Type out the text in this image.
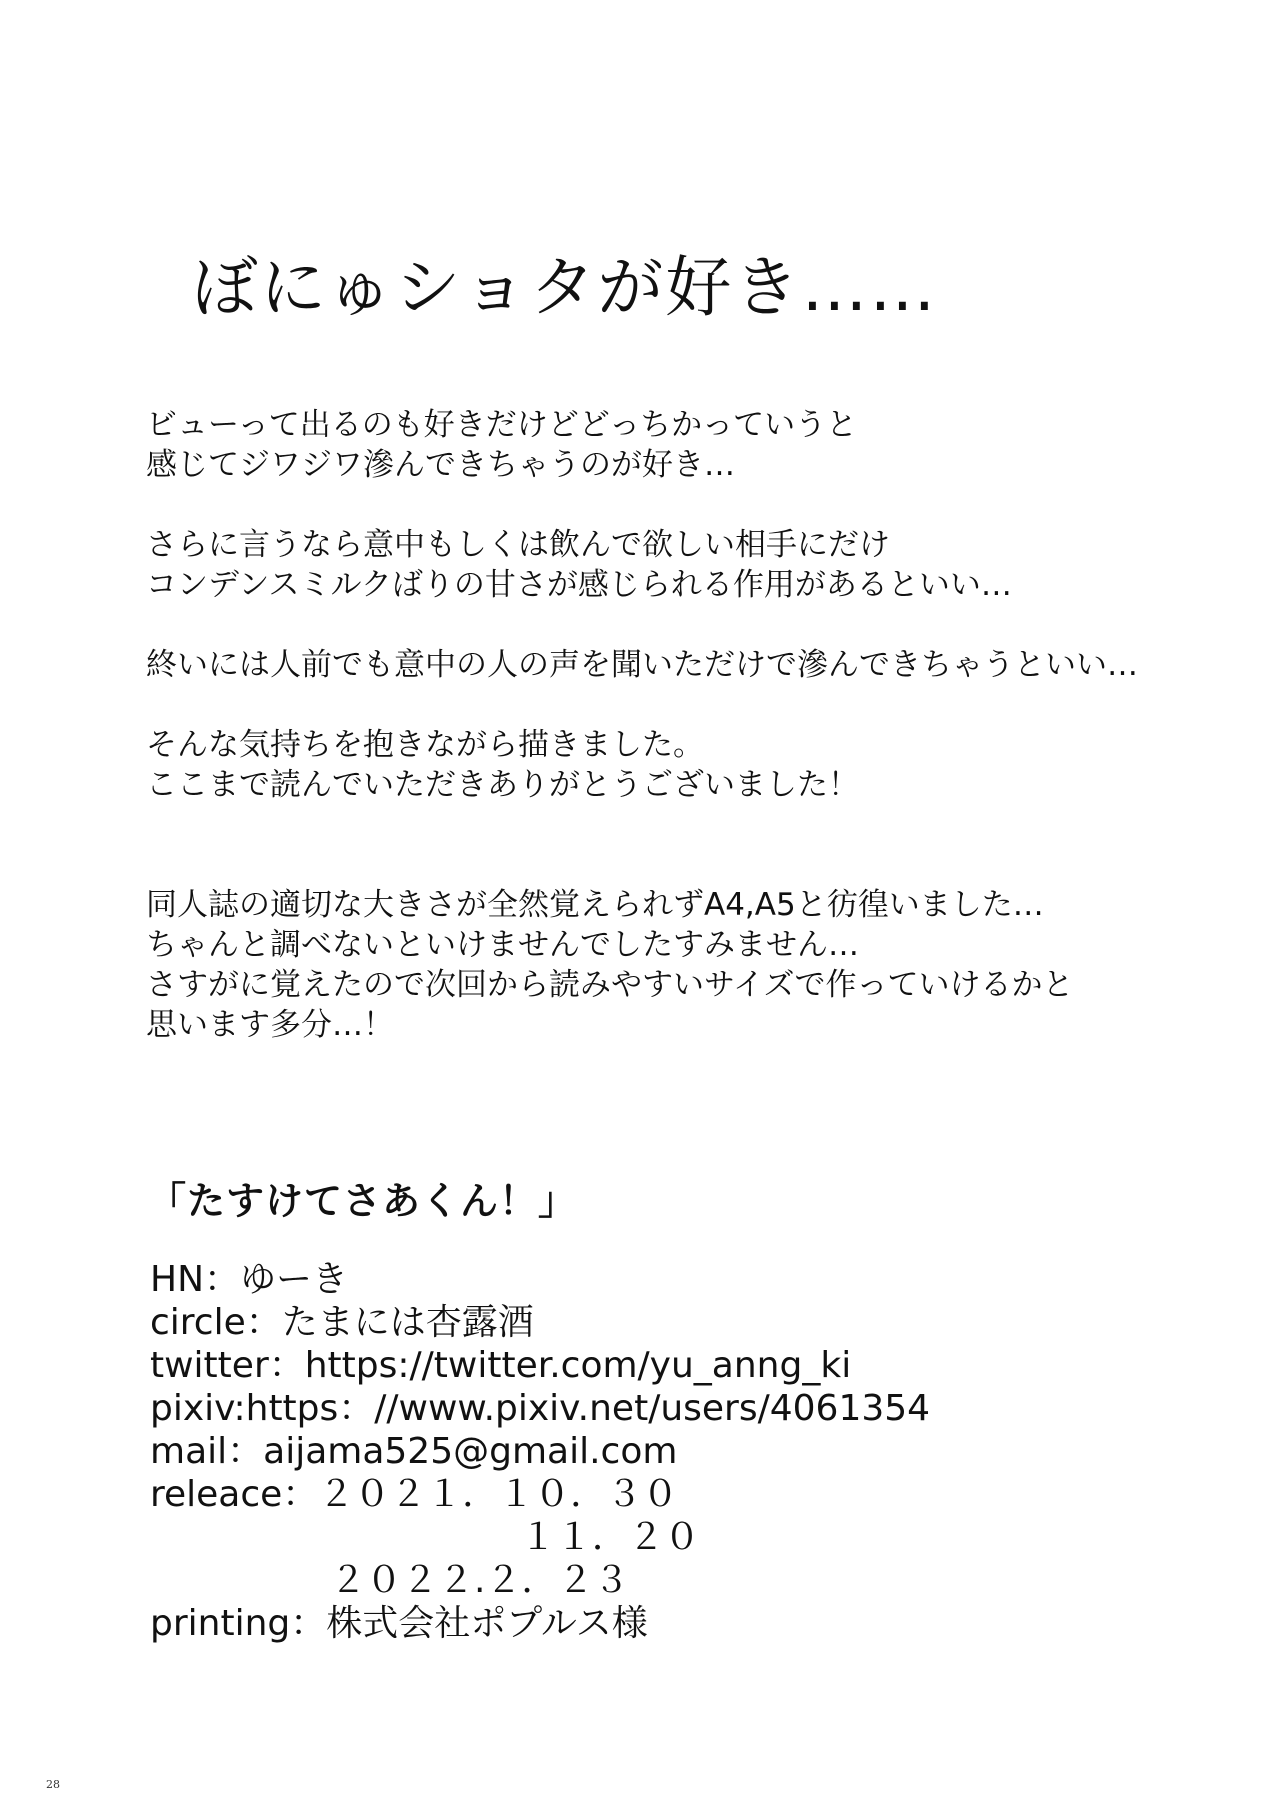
ぼにゅショタが好き……

ビューって出るのも好きだけどどっちかっていうと
感じてジワジワ滲んできちゃうのが好き…

さらに言うなら意中もしくは飲んで欲しい相手にだけ
コンデンスミルクばりの甘さが感じられる作用があるといい…

終いには人前でも意中の人の声を聞いただけで滲んできちゃうといい…

そんな気持ちを抱きながら描きました。
ここまで読んでいただきありがとうございました！

同人誌の適切な大きさが全然覚えられずA4,A5と彷徨いました…
ちゃんと調べないといけませんでしたすみません…
さすがに覚えたので次回から読みやすいサイズで作っていけるかと
思います多分…！

「たすけてさあくん！」
HN：ゆーき
circle：たまには杏露酒
twitter：https://twitter.com/yu_anng_ki
pixiv:https：//www.pixiv.net/users/4061354
mail：aijama525@gmail.com
releace：２０２１．１０．３０
１１．２０
２０２２.２．２３
printing：株式会社ポプルス様
28
